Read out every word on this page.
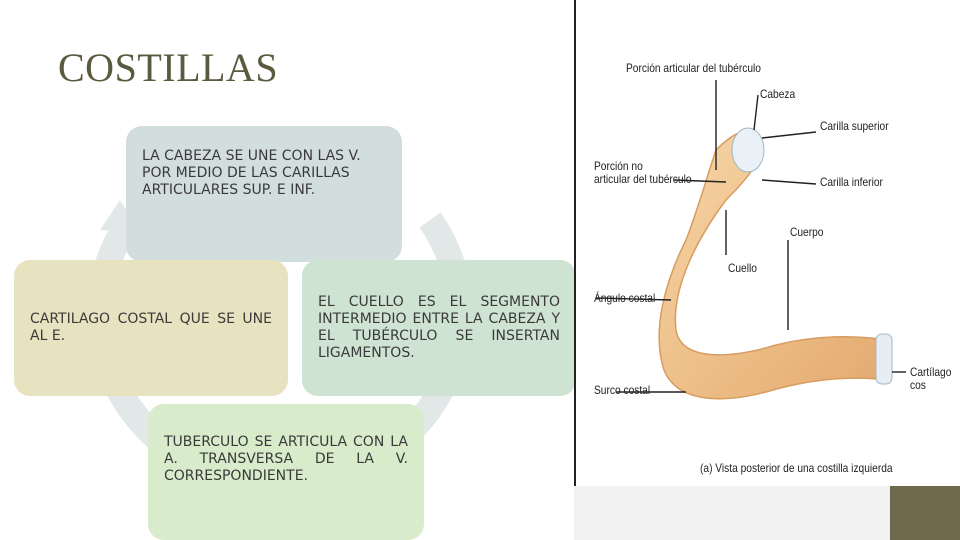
COSTILLAS
LA CABEZA SE UNE CON LAS V.
POR MEDIO DE LAS CARILLAS
ARTICULARES SUP. E INF.
CARTILAGO COSTAL QUE SE UNE AL E.
EL CUELLO ES EL SEGMENTO INTERMEDIO ENTRE LA CABEZA Y EL TUBÉRCULO SE INSERTAN LIGAMENTOS.
TUBERCULO SE ARTICULA CON LA A. TRANSVERSA DE LA V. CORRESPONDIENTE.
Porción articular del tubérculo
Cabeza
Carilla superior
Porción no
articular del tubérculo	Carilla inferior
Cuerpo
Cuello
Ángulo costal
Cartílago cos
Surco costal
(a) Vista posterior de una costilla izquierda
